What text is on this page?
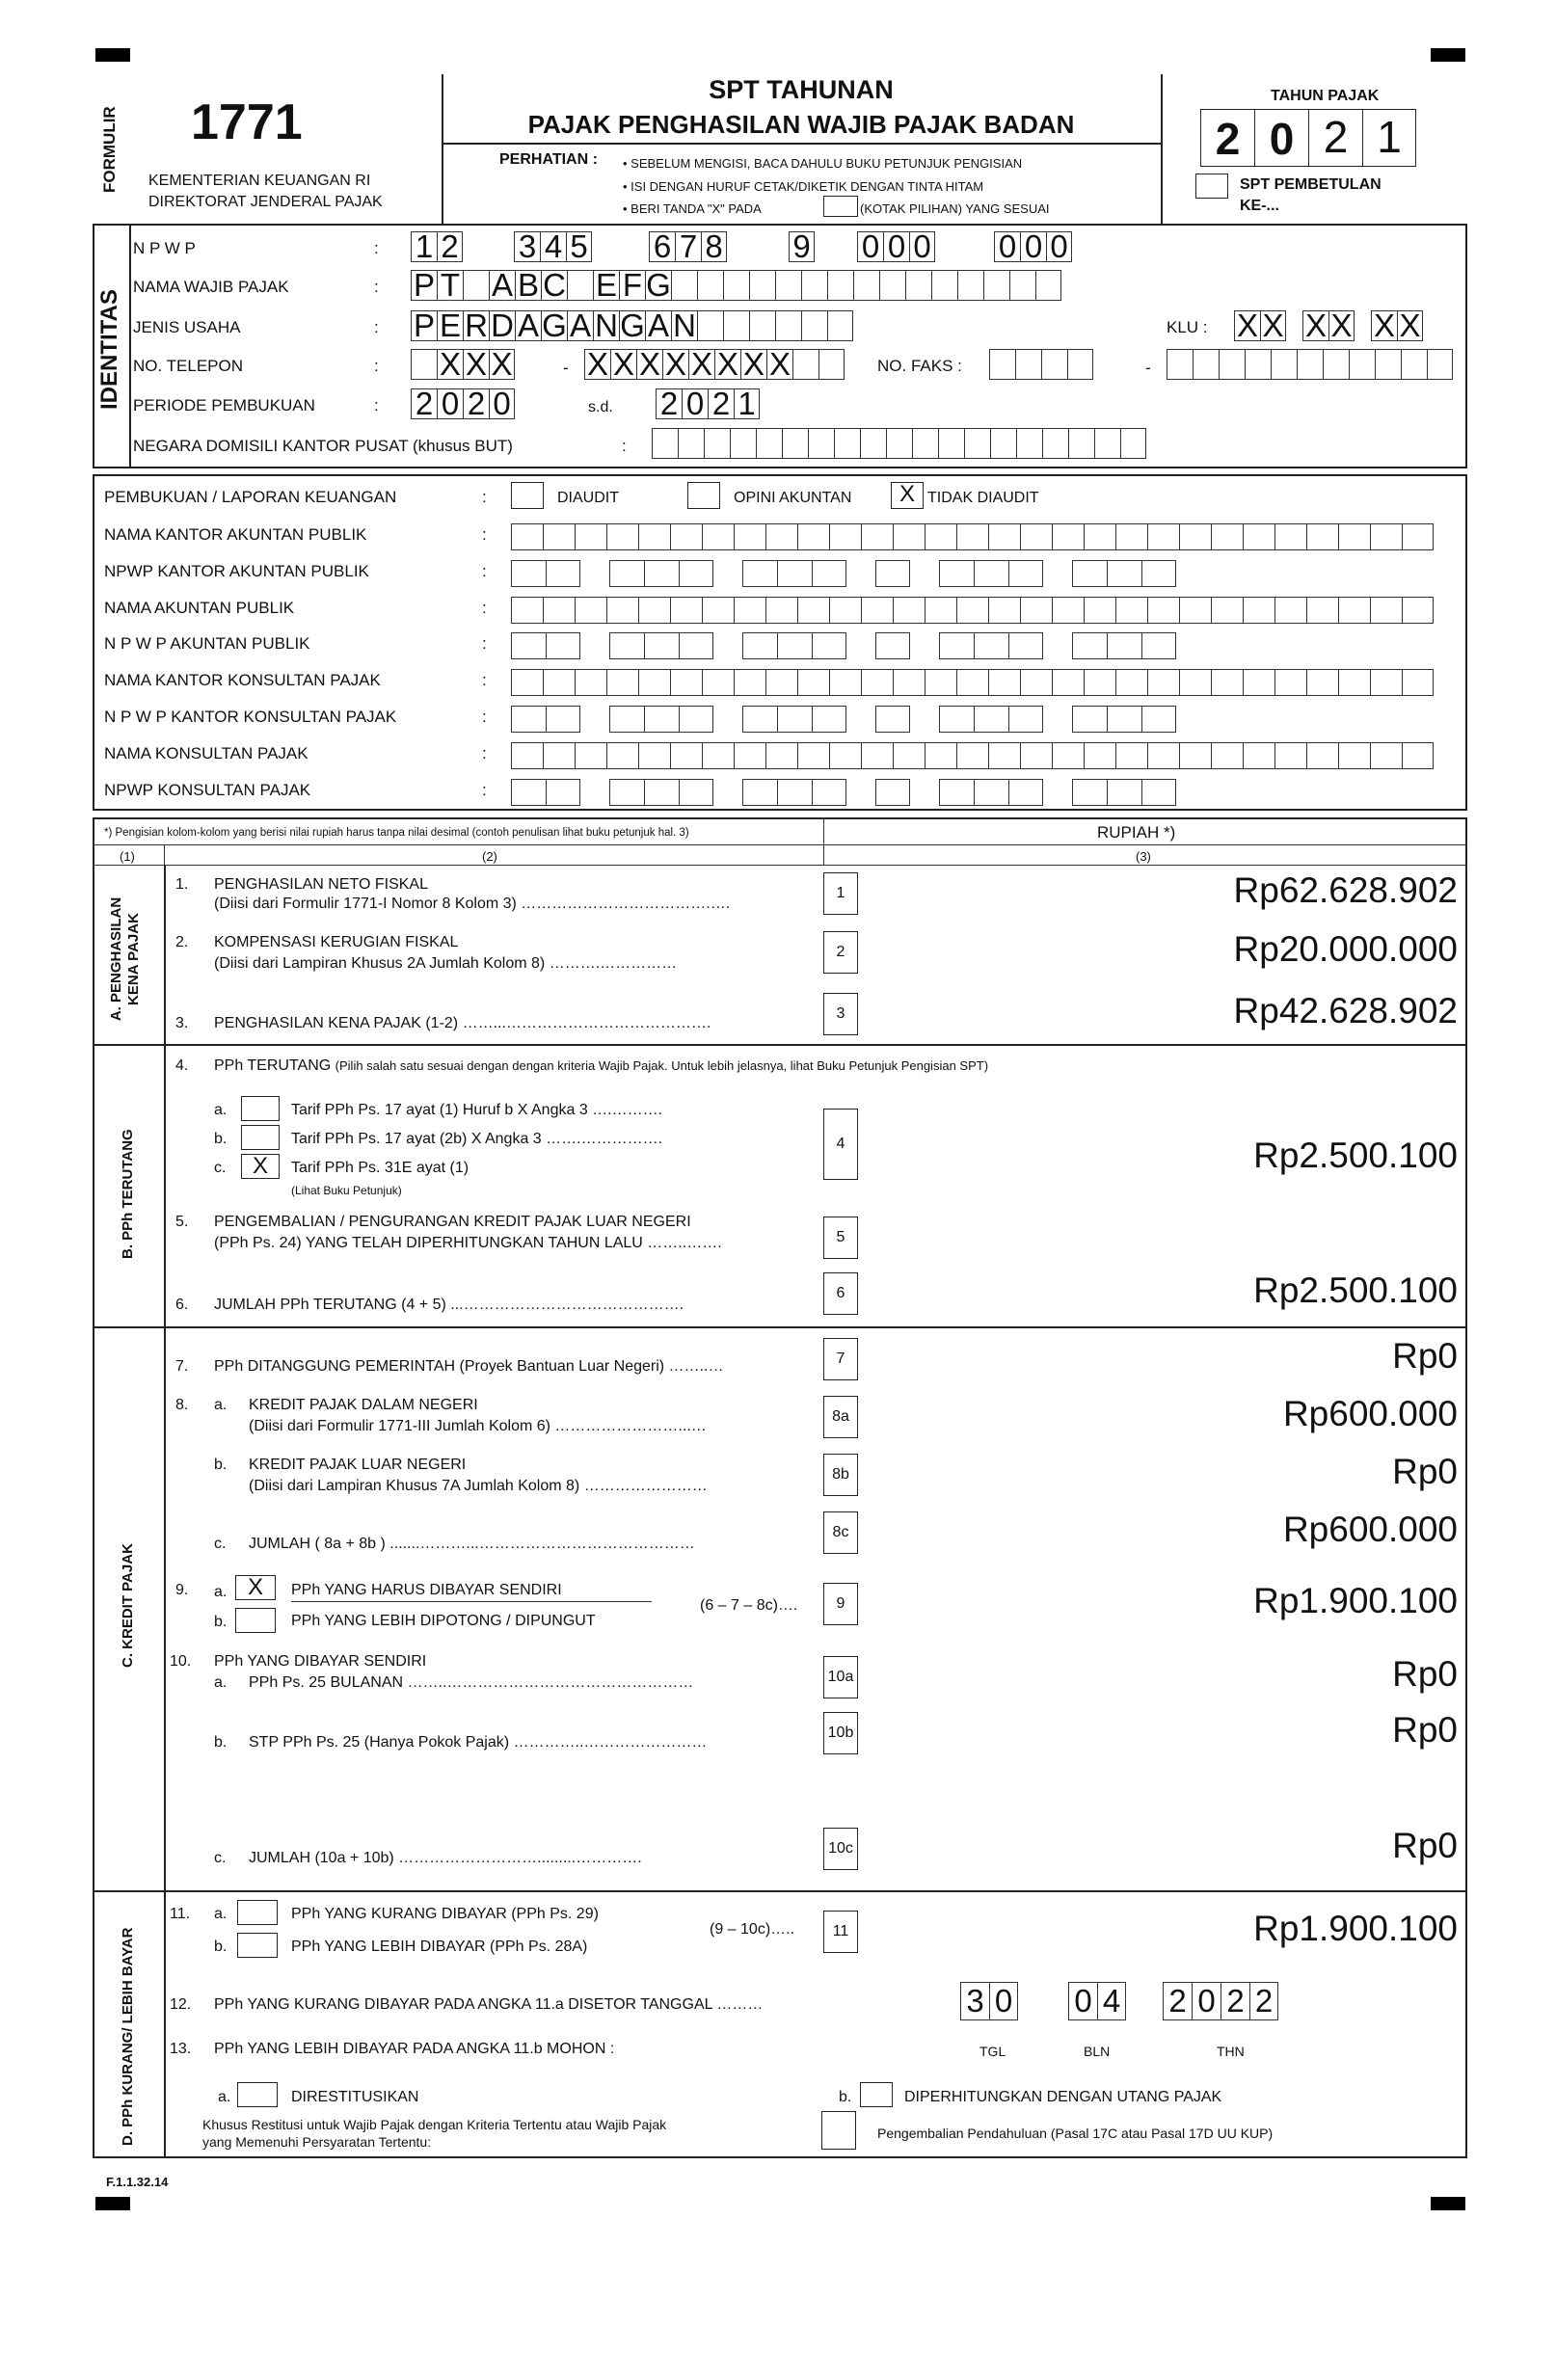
FORMULIR 1771
KEMENTERIAN KEUANGAN RI
DIREKTORAT JENDERAL PAJAK
SPT TAHUNAN
PAJAK PENGHASILAN WAJIB PAJAK BADAN
PERHATIAN : • SEBELUM MENGISI, BACA DAHULU BUKU PETUNJUK PENGISIAN
• ISI DENGAN HURUF CETAK/DIKETIK DENGAN TINTA HITAM
• BERI TANDA "X" PADA	(KOTAK PILIHAN) YANG SESUAI
TAHUN PAJAK
2 0 2 1
SPT PEMBETULAN
KE-...
IDENTITAS
N P W P	: 1 2 3 4 5 6 7 8 9 0 0 0 0 0 0
NAMA WAJIB PAJAK	: P T A B C E F G
JENIS USAHA	: P E R D A G A N G A N	KLU : X X X X X X
NO. TELEPON	: X X X	- X X X X X X X X	NO. FAKS :	-
PERIODE PEMBUKUAN	: 2 0 2 0	s.d. 2 0 2 1
NEGARA DOMISILI KANTOR PUSAT (khusus BUT)	:
PEMBUKUAN / LAPORAN KEUANGAN	:	DIAUDIT	OPINI AKUNTAN	X TIDAK DIAUDIT
NAMA KANTOR AKUNTAN PUBLIK	:
NPWP KANTOR AKUNTAN PUBLIK	:
NAMA AKUNTAN PUBLIK	:
N P W P AKUNTAN PUBLIK	:
NAMA KANTOR KONSULTAN PAJAK	:
N P W P KANTOR KONSULTAN PAJAK	:
NAMA KONSULTAN PAJAK	:
NPWP KONSULTAN PAJAK	:
*) Pengisian kolom-kolom yang berisi nilai rupiah harus tanpa nilai desimal (contoh penulisan lihat buku petunjuk hal. 3)	RUPIAH *)
(1)	(2)	(3)
A. PENGHASILAN KENA PAJAK
B. PPh TERUTANG
C. KREDIT PAJAK
D. PPh KURANG/ LEBIH BAYAR
1. PENGHASILAN NETO FISKAL
(Diisi dari Formulir 1771-I Nomor 8 Kolom 3) ……………………………….….
2. KOMPENSASI KERUGIAN FISKAL
(Diisi dari Lampiran Khusus 2A Jumlah Kolom 8) ……….……………
3. PENGHASILAN KENA PAJAK (1-2) ……...………………………………….
4. PPh TERUTANG (Pilih salah satu sesuai dengan dengan kriteria Wajib Pajak. Untuk lebih jelasnya, lihat Buku Petunjuk Pengisian SPT)
a.	Tarif PPh Ps. 17 ayat (1) Huruf b X Angka 3 ….……….
b.	Tarif PPh Ps. 17 ayat (2b) X Angka 3 …….…………….
c.	X	Tarif PPh Ps. 31E ayat (1)
(Lihat Buku Petunjuk)
5. PENGEMBALIAN / PENGURANGAN KREDIT PAJAK LUAR NEGERI
(PPh Ps. 24) YANG TELAH DIPERHITUNGKAN TAHUN LALU ……..…….
6. JUMLAH PPh TERUTANG (4 + 5) ...…………………………………….
7. PPh DITANGGUNG PEMERINTAH (Proyek Bantuan Luar Negeri) ……..…
8. a. KREDIT PAJAK DALAM NEGERI
(Diisi dari Formulir 1771-III Jumlah Kolom 6) ……………………...…
b. KREDIT PAJAK LUAR NEGERI
(Diisi dari Lampiran Khusus 7A Jumlah Kolom 8) ……………………
c. JUMLAH ( 8a + 8b ) .......………...……………………………………
9. a. X	PPh YANG HARUS DIBAYAR SENDIRI
b.	PPh YANG LEBIH DIPOTONG / DIPUNGUT
(6 – 7 – 8c)….
10. PPh YANG DIBAYAR SENDIRI
a. PPh Ps. 25 BULANAN ……..…………………………………………
b. STP PPh Ps. 25 (Hanya Pokok Pajak) …………..……………………
c. JUMLAH (10a + 10b) ……………………….........………….
11. a.	PPh YANG KURANG DIBAYAR (PPh Ps. 29)
b.	PPh YANG LEBIH DIBAYAR (PPh Ps. 28A)
(9 – 10c)…..
12. PPh YANG KURANG DIBAYAR PADA ANGKA 11.a DISETOR TANGGAL ………	3 0 0 4 2 0 2 2
TGL	BLN	THN
13. PPh YANG LEBIH DIBAYAR PADA ANGKA 11.b MOHON :
a.	DIRESTITUSIKAN	b.	DIPERHITUNGKAN DENGAN UTANG PAJAK
Khusus Restitusi untuk Wajib Pajak dengan Kriteria Tertentu atau Wajib Pajak
yang Memenuhi Persyaratan Tertentu:
Pengembalian Pendahuluan (Pasal 17C atau Pasal 17D UU KUP)
1	Rp62.628.902
2	Rp20.000.000
3	Rp42.628.902
4	Rp2.500.100
5
6	Rp2.500.100
7	Rp0
8a	Rp600.000
8b	Rp0
8c	Rp600.000
9	Rp1.900.100
10a	Rp0
10b	Rp0
10c	Rp0
11	Rp1.900.100
F.1.1.32.14
